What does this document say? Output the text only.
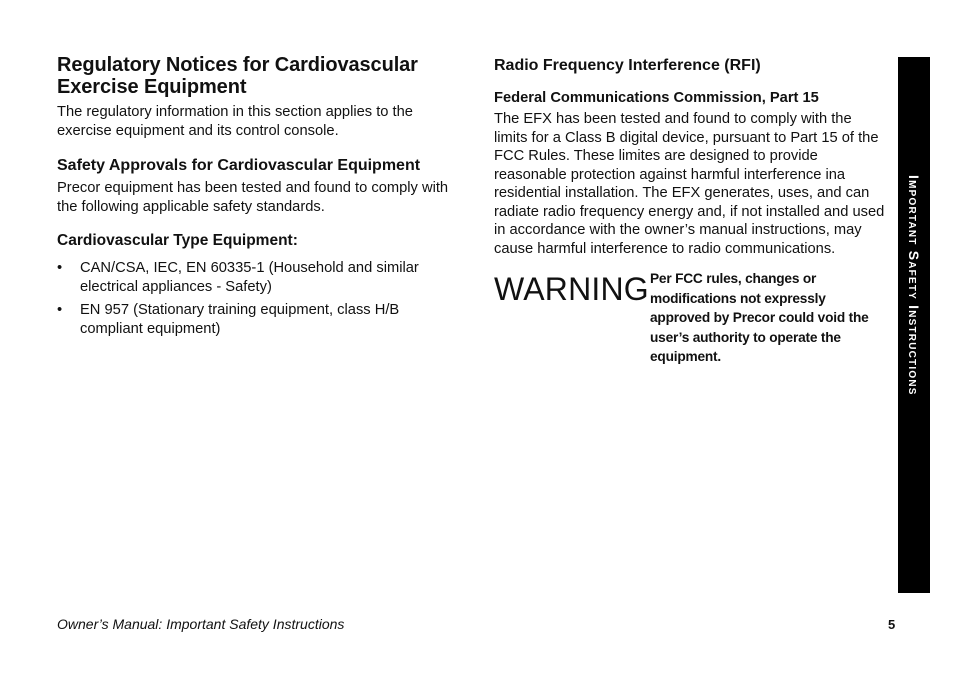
Regulatory Notices for Cardiovascular Exercise Equipment

The regulatory information in this section applies to the exercise equipment and its control console.

Safety Approvals for Cardiovascular Equipment

Precor equipment has been tested and found to comply with the following applicable safety standards.

Cardiovascular Type Equipment:
• CAN/CSA, IEC, EN 60335-1 (Household and similar electrical appliances - Safety)
• EN 957 (Stationary training equipment, class H/B compliant equipment)
Radio Frequency Interference (RFI)
Federal Communications Commission, Part 15

The EFX has been tested and found to comply with the limits for a Class B digital device, pursuant to Part 15 of the FCC Rules. These limites are designed to provide reasonable protection against harmful interference ina residential installation. The EFX generates, uses, and can radiate radio frequency energy and, if not installed and used in accordance with the owner’s manual instructions, may cause harmful interference to radio communications.

WARNING Per FCC rules, changes or modifications not expressly approved by Precor could void the user’s authority to operate the equipment.	Important Safety Instructions
Owner’s Manual: Important Safety Instructions	5
